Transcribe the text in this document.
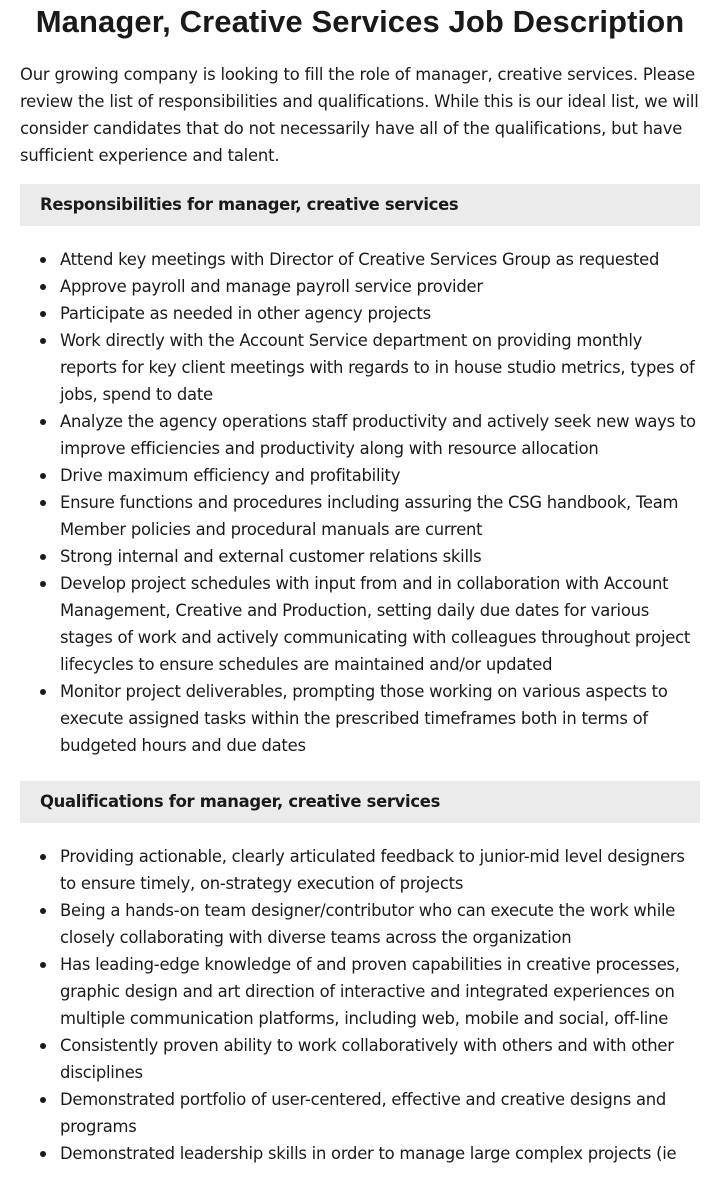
Manager, Creative Services Job Description

Our growing company is looking to fill the role of manager, creative services. Please review the list of responsibilities and qualifications. While this is our ideal list, we will consider candidates that do not necessarily have all of the qualifications, but have sufficient experience and talent.

Responsibilities for manager, creative services
Attend key meetings with Director of Creative Services Group as requested
Approve payroll and manage payroll service provider
Participate as needed in other agency projects
Work directly with the Account Service department on providing monthly reports for key client meetings with regards to in house studio metrics, types of jobs, spend to date
Analyze the agency operations staff productivity and actively seek new ways to improve efficiencies and productivity along with resource allocation
Drive maximum efficiency and profitability
Ensure functions and procedures including assuring the CSG handbook, Team Member policies and procedural manuals are current
Strong internal and external customer relations skills
Develop project schedules with input from and in collaboration with Account Management, Creative and Production, setting daily due dates for various stages of work and actively communicating with colleagues throughout project lifecycles to ensure schedules are maintained and/or updated
Monitor project deliverables, prompting those working on various aspects to execute assigned tasks within the prescribed timeframes both in terms of budgeted hours and due dates
Qualifications for manager, creative services
Providing actionable, clearly articulated feedback to junior-mid level designers to ensure timely, on-strategy execution of projects
Being a hands-on team designer/contributor who can execute the work while closely collaborating with diverse teams across the organization
Has leading-edge knowledge of and proven capabilities in creative processes, graphic design and art direction of interactive and integrated experiences on multiple communication platforms, including web, mobile and social, off-line
Consistently proven ability to work collaboratively with others and with other disciplines
Demonstrated portfolio of user-centered, effective and creative designs and programs
Demonstrated leadership skills in order to manage large complex projects (ie
